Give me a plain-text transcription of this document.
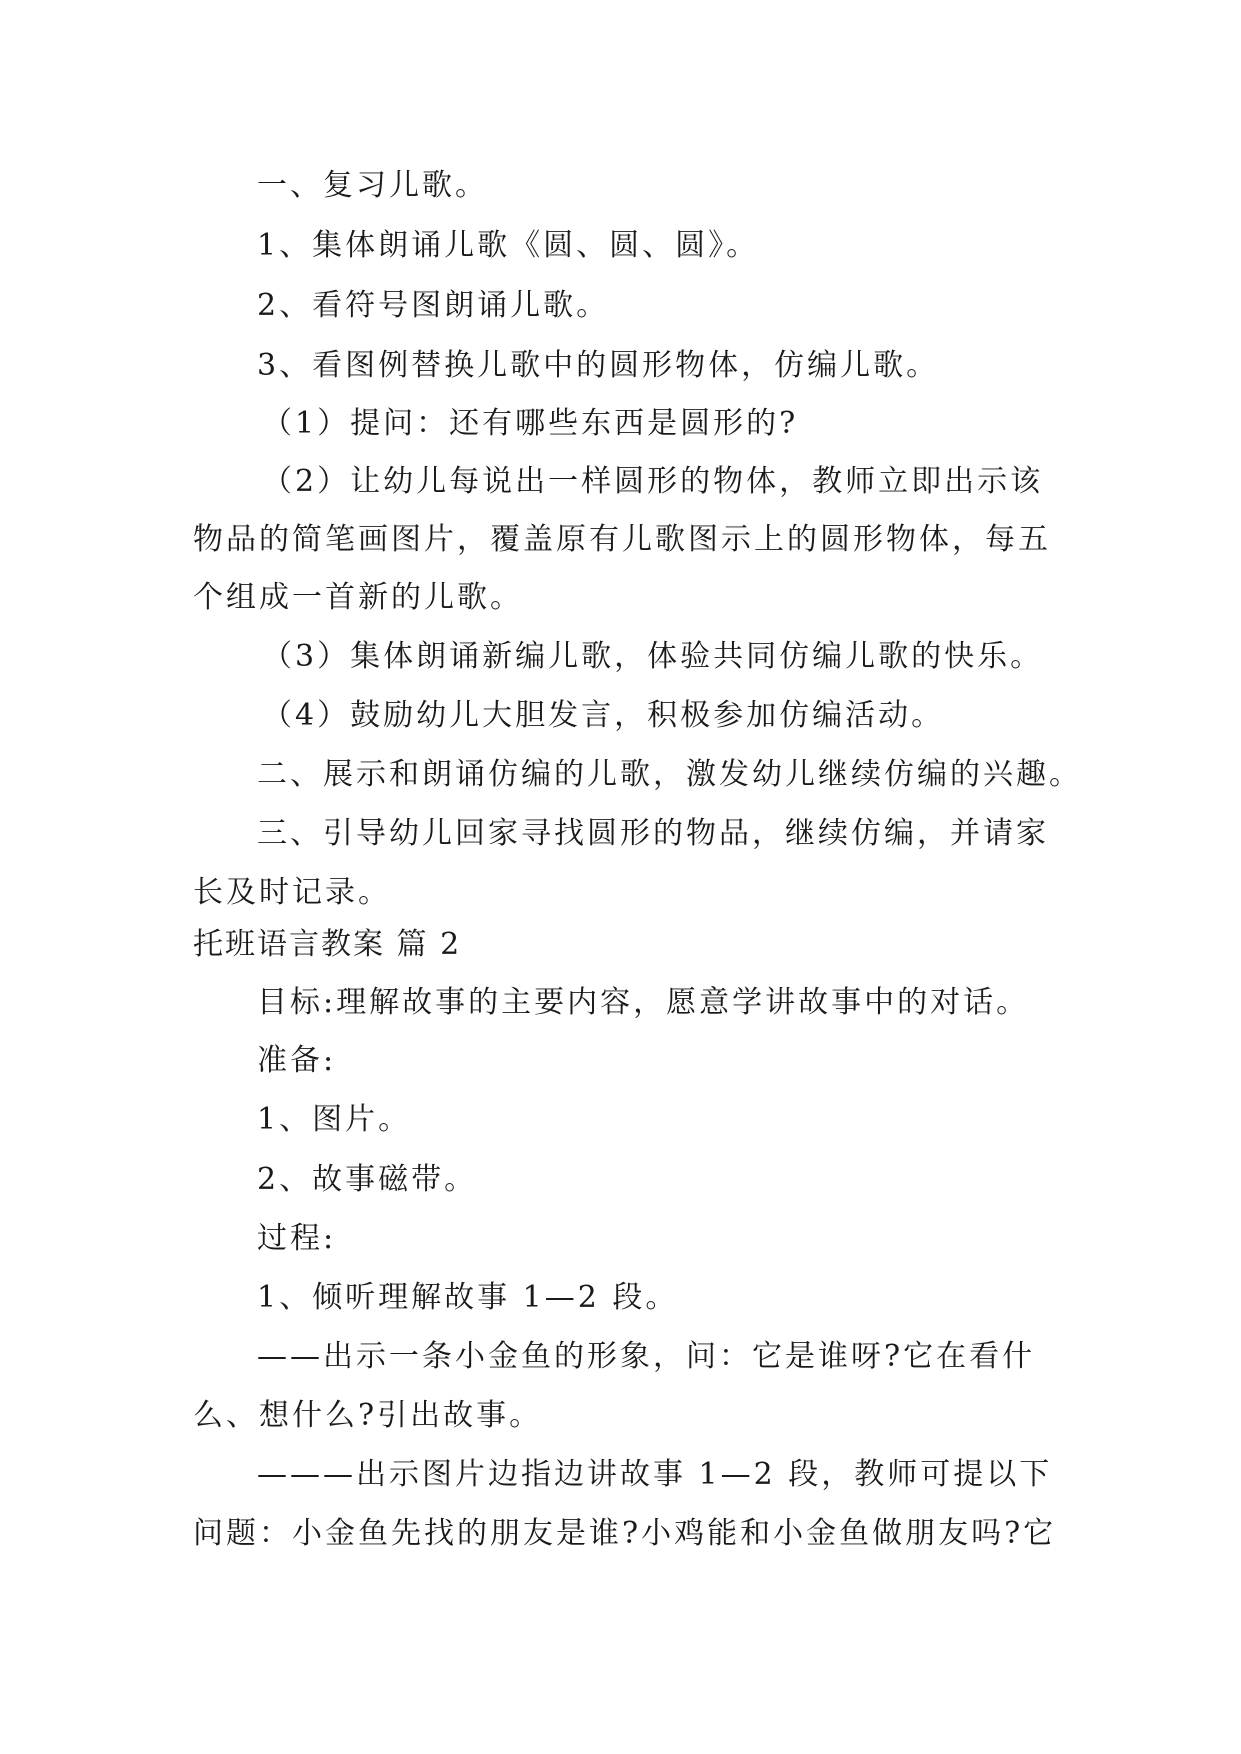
一、复习儿歌。
1、集体朗诵儿歌《圆、圆、圆》。
2、看符号图朗诵儿歌。
3、看图例替换儿歌中的圆形物体，仿编儿歌。
（1）提问：还有哪些东西是圆形的?
（2）让幼儿每说出一样圆形的物体，教师立即出示该
物品的简笔画图片，覆盖原有儿歌图示上的圆形物体，每五
个组成一首新的儿歌。
（3）集体朗诵新编儿歌，体验共同仿编儿歌的快乐。
（4）鼓励幼儿大胆发言，积极参加仿编活动。
二、展示和朗诵仿编的儿歌，激发幼儿继续仿编的兴趣。
三、引导幼儿回家寻找圆形的物品，继续仿编，并请家
长及时记录。
托班语言教案 篇 2
目标:理解故事的主要内容，愿意学讲故事中的对话。
准备:
1、图片。
2、故事磁带。
过程:
1、倾听理解故事 1—2 段。
——出示一条小金鱼的形象，问：它是谁呀?它在看什
么、想什么?引出故事。
———出示图片边指边讲故事 1—2 段，教师可提以下
问题：小金鱼先找的朋友是谁?小鸡能和小金鱼做朋友吗?它
